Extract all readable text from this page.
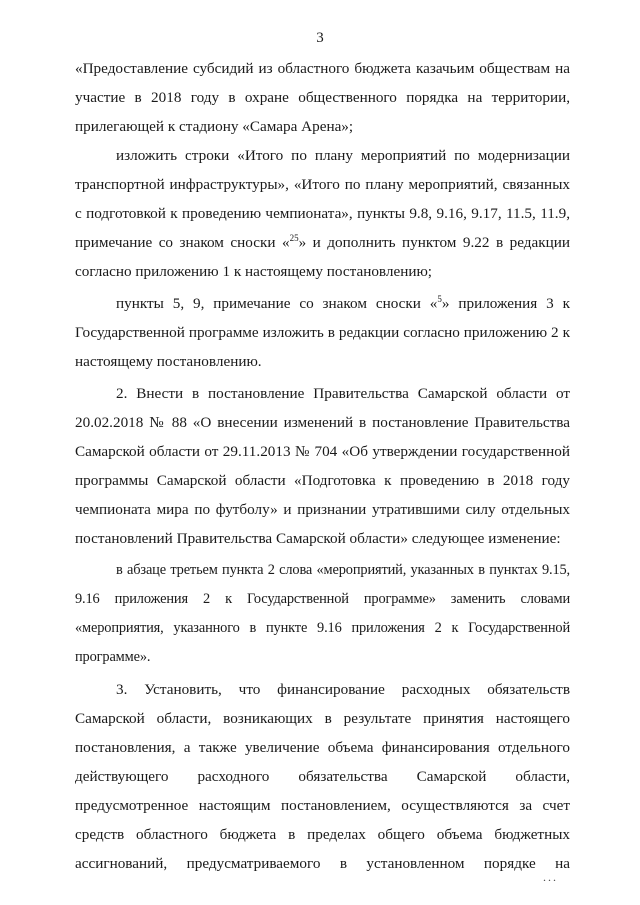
3

«Предоставление субсидий из областного бюджета казачьим обществам на участие в 2018 году в охране общественного порядка на территории, прилегающей к стадиону «Самара Арена»;

изложить строки «Итого по плану мероприятий по модернизации транспортной инфраструктуры», «Итого по плану мероприятий, связанных с подготовкой к проведению чемпионата», пункты 9.8, 9.16, 9.17, 11.5, 11.9, примечание со знаком сноски «$^{25}$» и дополнить пунктом 9.22 в редакции согласно приложению 1 к настоящему постановлению;

пункты 5, 9, примечание со знаком сноски «$^5$» приложения 3 к Государственной программе изложить в редакции согласно приложению 2 к настоящему постановлению.

2. Внести в постановление Правительства Самарской области от 20.02.2018 № 88 «О внесении изменений в постановление Правительства Самарской области от 29.11.2013 № 704 «Об утверждении государственной программы Самарской области «Подготовка к проведению в 2018 году чемпионата мира по футболу» и признании утратившими силу отдельных постановлений Правительства Самарской области» следующее изменение:

в абзаце третьем пункта 2 слова «мероприятий, указанных в пунктах 9.15, 9.16 приложения 2 к Государственной программе» заменить словами «мероприятия, указанного в пункте 9.16 приложения 2 к Государственной программе».

3. Установить, что финансирование расходных обязательств Самарской области, возникающих в результате принятия настоящего постановления, а также увеличение объема финансирования отдельного действующего расходного обязательства Самарской области, предусмотренное настоящим постановлением, осуществляются за счет средств областного бюджета в пределах общего объема бюджетных ассигнований, предусматриваемого в установленном порядке на

...
